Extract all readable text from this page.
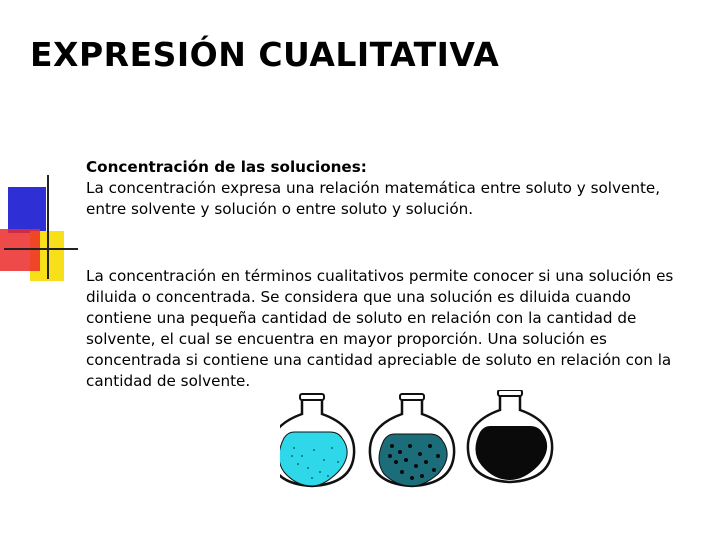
EXPRESIÓN CUALITATIVA
Concentración de las soluciones:
La concentración expresa una relación matemática entre soluto y solvente, entre solvente y solución o entre soluto y solución.

La concentración en términos cualitativos permite conocer si una solución es diluida o concentrada. Se considera que una solución es diluida cuando contiene una pequeña cantidad de soluto en relación con la cantidad de solvente, el cual se encuentra en mayor proporción. Una solución es concentrada si contiene una cantidad apreciable de soluto en relación con la cantidad de solvente.
